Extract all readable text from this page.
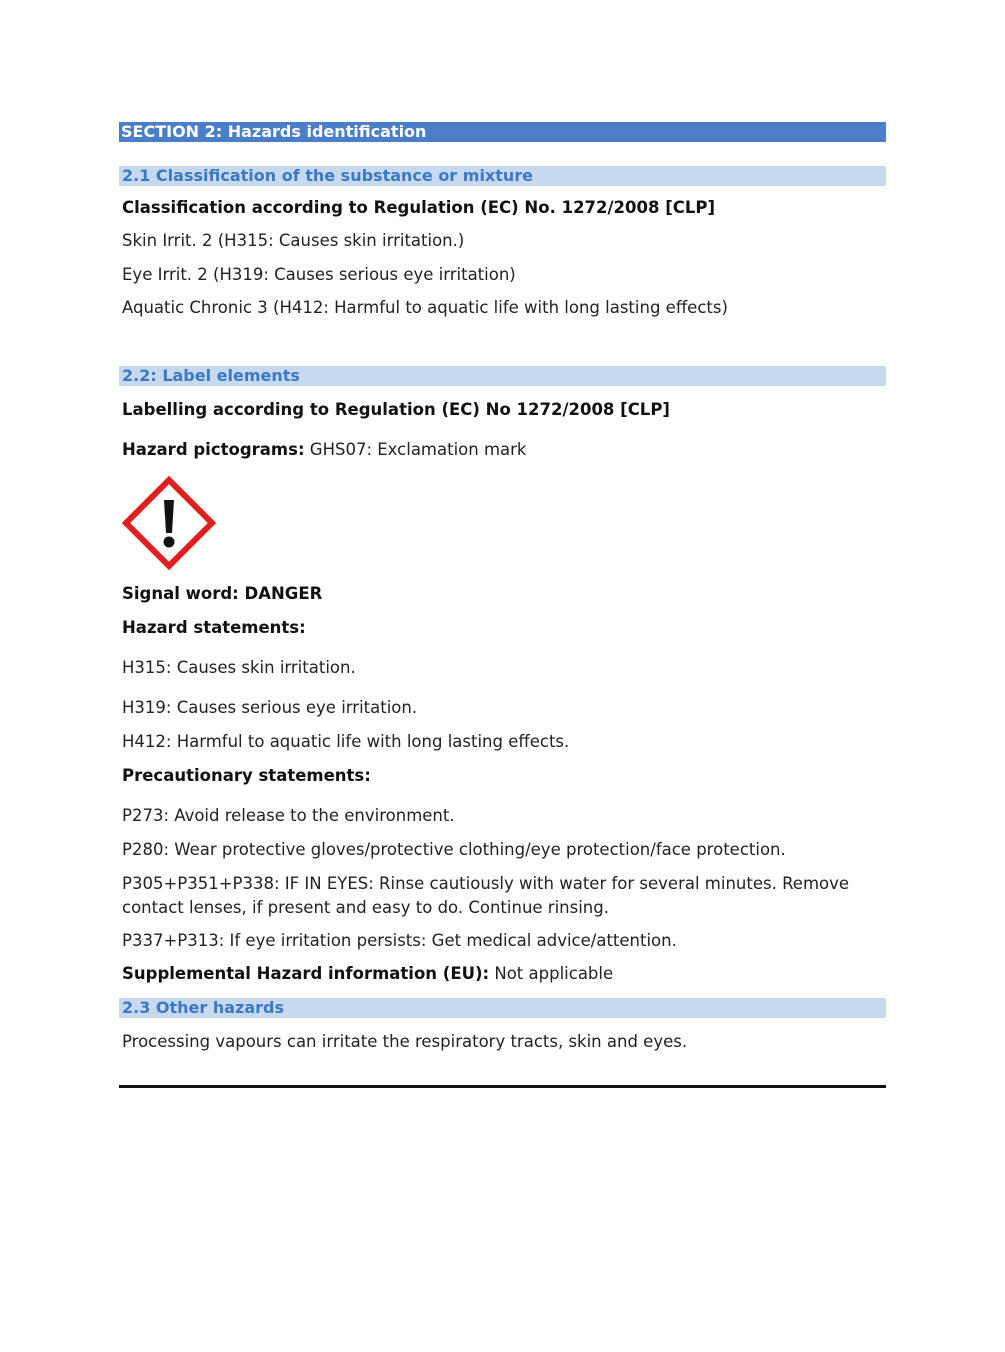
SECTION 2: Hazards identification
2.1 Classification of the substance or mixture
Classification according to Regulation (EC) No. 1272/2008 [CLP]
Skin Irrit. 2 (H315: Causes skin irritation.)
Eye Irrit. 2 (H319: Causes serious eye irritation)
Aquatic Chronic 3 (H412: Harmful to aquatic life with long lasting effects)
2.2: Label elements
Labelling according to Regulation (EC) No 1272/2008 [CLP]
Hazard pictograms: GHS07: Exclamation mark
Signal word: DANGER
Hazard statements:
H315: Causes skin irritation.
H319: Causes serious eye irritation.
H412: Harmful to aquatic life with long lasting effects.
Precautionary statements:
P273: Avoid release to the environment.
P280: Wear protective gloves/protective clothing/eye protection/face protection.
P305+P351+P338: IF IN EYES: Rinse cautiously with water for several minutes. Remove contact lenses, if present and easy to do. Continue rinsing.
P337+P313: If eye irritation persists: Get medical advice/attention.
Supplemental Hazard information (EU): Not applicable
2.3 Other hazards
Processing vapours can irritate the respiratory tracts, skin and eyes.
